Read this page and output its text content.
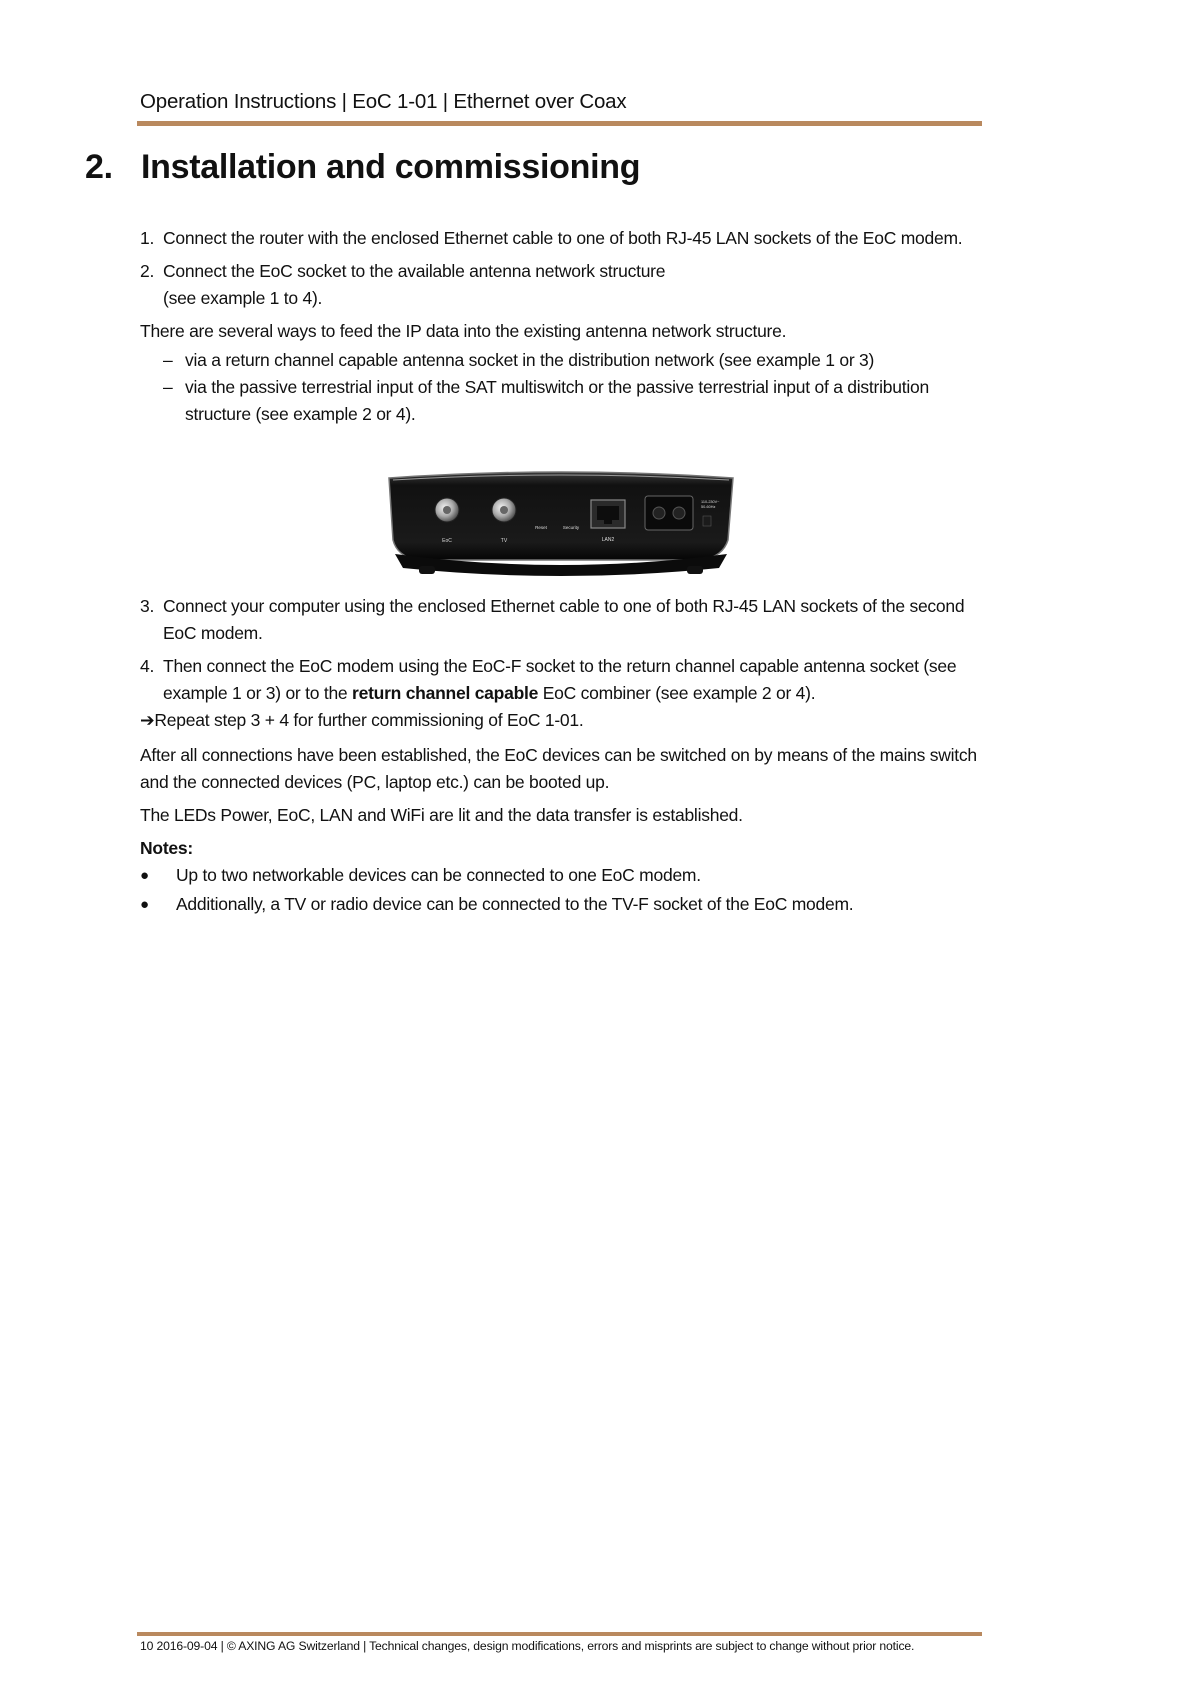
Operation Instructions | EoC 1-01 | Ethernet over Coax
2. Installation and commissioning
1. Connect the router with the enclosed Ethernet cable to one of both RJ-45 LAN sockets of the EoC modem.
2. Connect the EoC socket to the available antenna network structure
(see example 1 to 4).

There are several ways to feed the IP data into the existing antenna network structure.

– via a return channel capable antenna socket in the distribution network (see example 1 or 3)
– via the passive terrestrial input of the SAT multiswitch or the passive terrestrial input of a distribution structure (see example 2 or 4).
EoC	TV
Reset	Security
LAN2
110-230V~
50-60Hz
3. Connect your computer using the enclosed Ethernet cable to one of both RJ-45 LAN sockets of the second EoC modem.
4. Then connect the EoC modem using the EoC-F socket to the return channel capable antenna socket (see example 1 or 3) or to the return channel capable EoC combiner (see example 2 or 4).

➔Repeat step 3 + 4 for further commissioning of EoC 1-01.

After all connections have been established, the EoC devices can be switched on by means of the mains switch and the connected devices (PC, laptop etc.) can be booted up.

The LEDs Power, EoC, LAN and WiFi are lit and the data transfer is established.

Notes:

● Up to two networkable devices can be connected to one EoC modem.
● Additionally, a TV or radio device can be connected to the TV-F socket of the EoC modem.
10 2016-09-04 | © AXING AG Switzerland | Technical changes, design modifications, errors and misprints are subject to change without prior notice.
